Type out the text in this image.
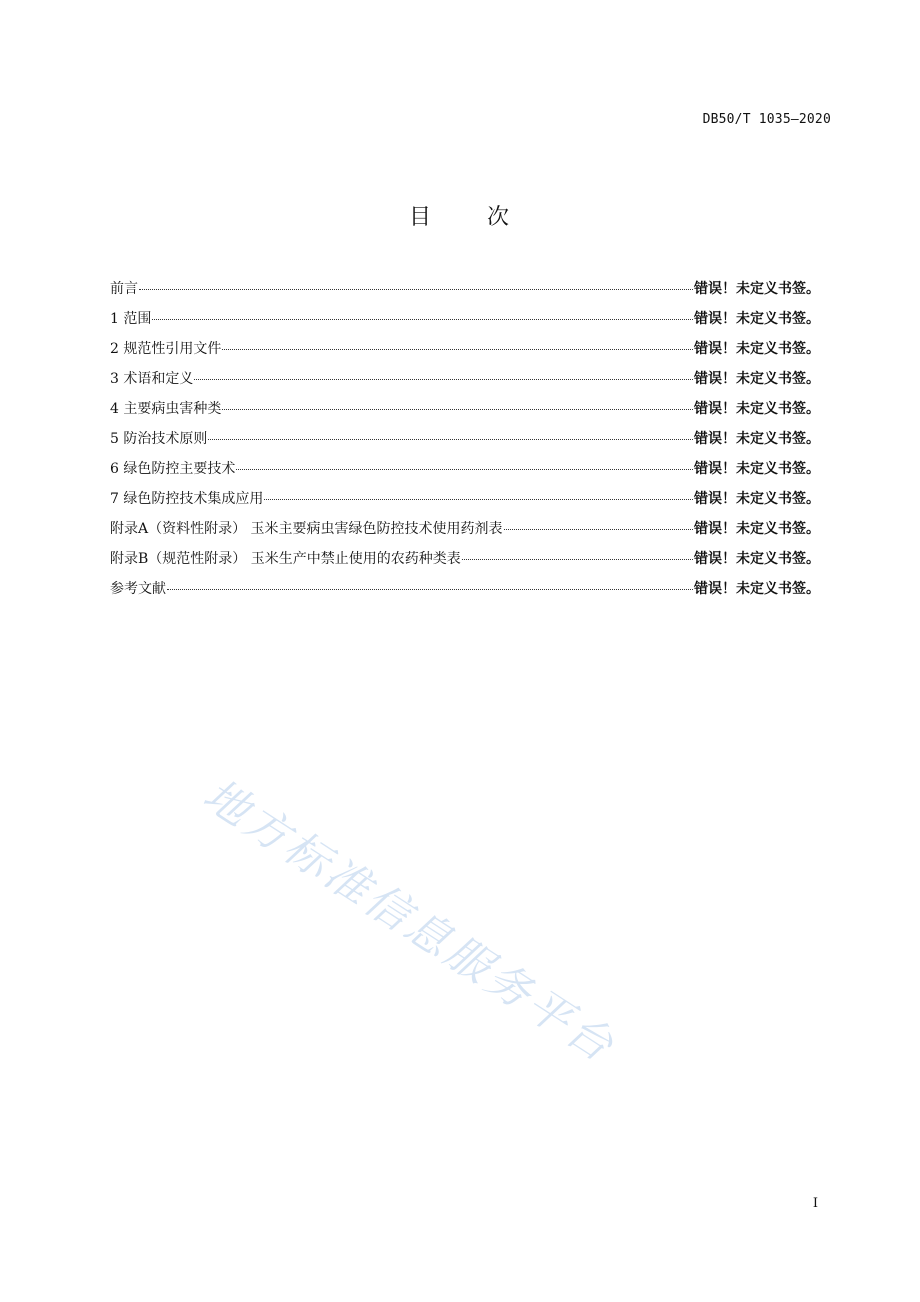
DB50/T 1035—2020
目 次
前言	错误！未定义书签。
1 范围	错误！未定义书签。
2 规范性引用文件	错误！未定义书签。
3 术语和定义	错误！未定义书签。
4 主要病虫害种类	错误！未定义书签。
5 防治技术原则	错误！未定义书签。
6 绿色防控主要技术	错误！未定义书签。
7 绿色防控技术集成应用	错误！未定义书签。
附录A（资料性附录） 玉米主要病虫害绿色防控技术使用药剂表	错误！未定义书签。
附录B（规范性附录） 玉米生产中禁止使用的农药种类表	错误！未定义书签。
参考文献	错误！未定义书签。
地方标准信息服务平台
I
